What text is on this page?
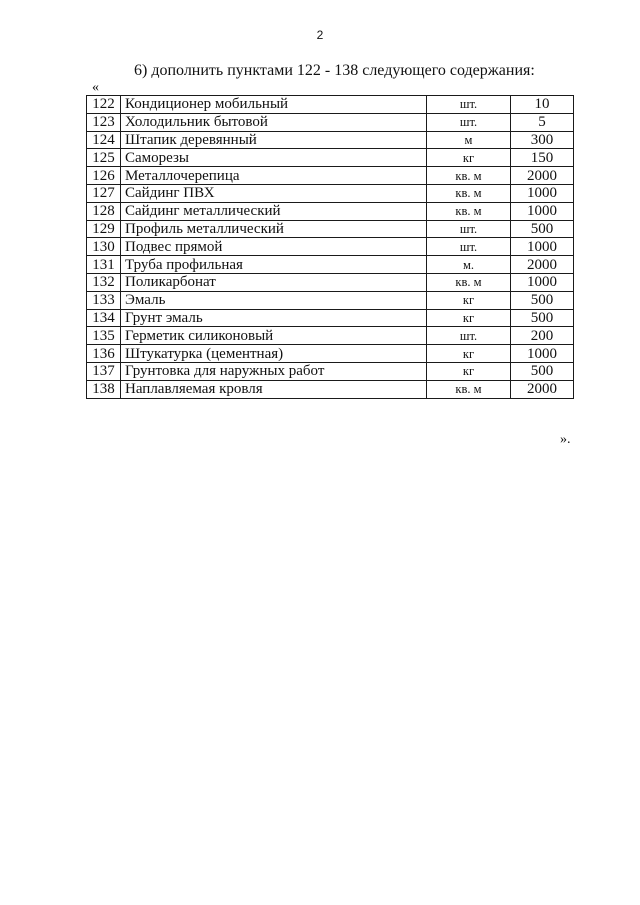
2
6) дополнить пунктами 122 - 138 следующего содержания:
«
122	Кондиционер мобильный	шт.	10
123	Холодильник бытовой	шт.	5
124	Штапик деревянный	м	300
125	Саморезы	кг	150
126	Металлочерепица	кв. м	2000
127	Сайдинг ПВХ	кв. м	1000
128	Сайдинг металлический	кв. м	1000
129	Профиль металлический	шт.	500
130	Подвес прямой	шт.	1000
131	Труба профильная	м.	2000
132	Поликарбонат	кв. м	1000
133	Эмаль	кг	500
134	Грунт эмаль	кг	500
135	Герметик силиконовый	шт.	200
136	Штукатурка (цементная)	кг	1000
137	Грунтовка для наружных работ	кг	500
138	Наплавляемая кровля	кв. м	2000
».
